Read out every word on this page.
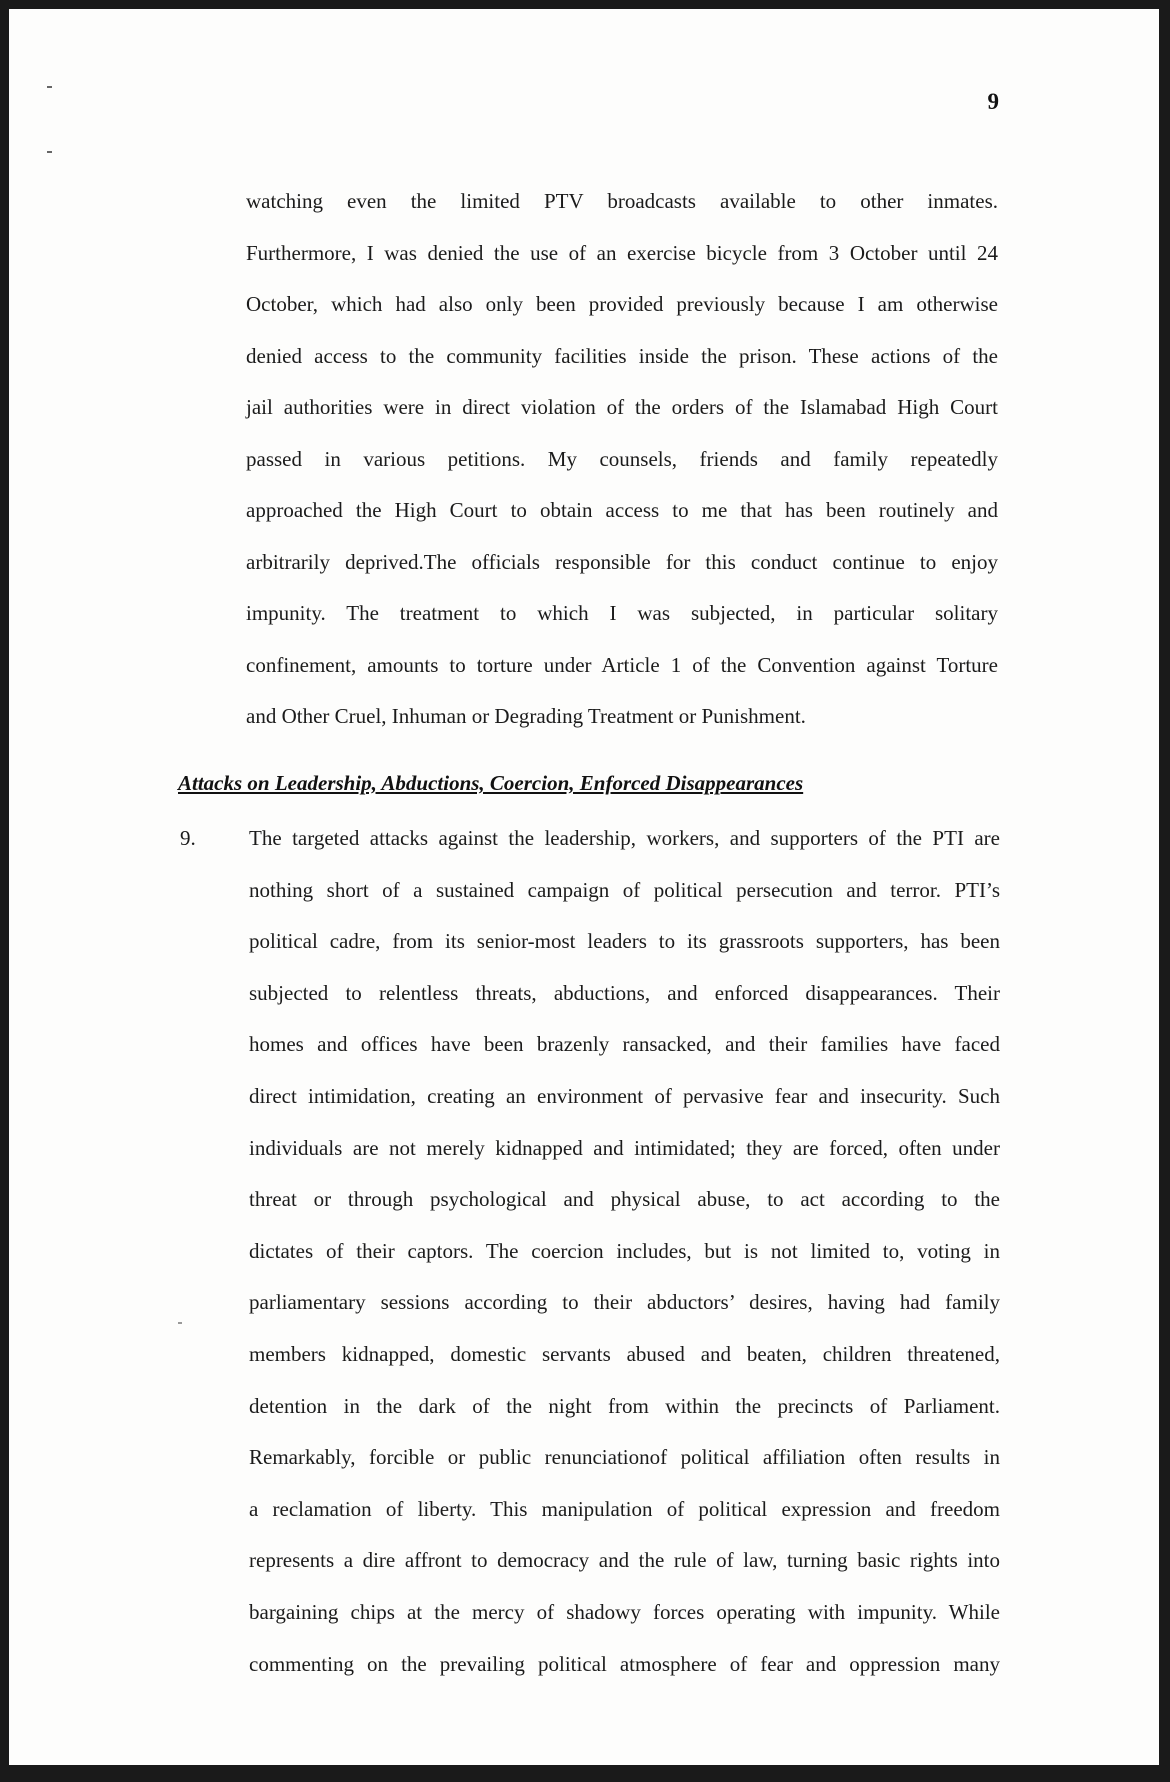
9
watching even the limited PTV broadcasts available to other inmates.
Furthermore, I was denied the use of an exercise bicycle from 3 October until 24
October, which had also only been provided previously because I am otherwise
denied access to the community facilities inside the prison. These actions of the
jail authorities were in direct violation of the orders of the Islamabad High Court
passed in various petitions. My counsels, friends and family repeatedly
approached the High Court to obtain access to me that has been routinely and
arbitrarily deprived.The officials responsible for this conduct continue to enjoy
impunity. The treatment to which I was subjected, in particular solitary
confinement, amounts to torture under Article 1 of the Convention against Torture
and Other Cruel, Inhuman or Degrading Treatment or Punishment.
Attacks on Leadership, Abductions, Coercion, Enforced Disappearances
9.	The targeted attacks against the leadership, workers, and supporters of the PTI are
nothing short of a sustained campaign of political persecution and terror. PTI’s
political cadre, from its senior-most leaders to its grassroots supporters, has been
subjected to relentless threats, abductions, and enforced disappearances. Their
homes and offices have been brazenly ransacked, and their families have faced
direct intimidation, creating an environment of pervasive fear and insecurity. Such
individuals are not merely kidnapped and intimidated; they are forced, often under
threat or through psychological and physical abuse, to act according to the
dictates of their captors. The coercion includes, but is not limited to, voting in
parliamentary sessions according to their abductors’ desires, having had family
members kidnapped, domestic servants abused and beaten, children threatened,
detention in the dark of the night from within the precincts of Parliament.
Remarkably, forcible or public renunciationof political affiliation often results in
a reclamation of liberty. This manipulation of political expression and freedom
represents a dire affront to democracy and the rule of law, turning basic rights into
bargaining chips at the mercy of shadowy forces operating with impunity. While
commenting on the prevailing political atmosphere of fear and oppression many
